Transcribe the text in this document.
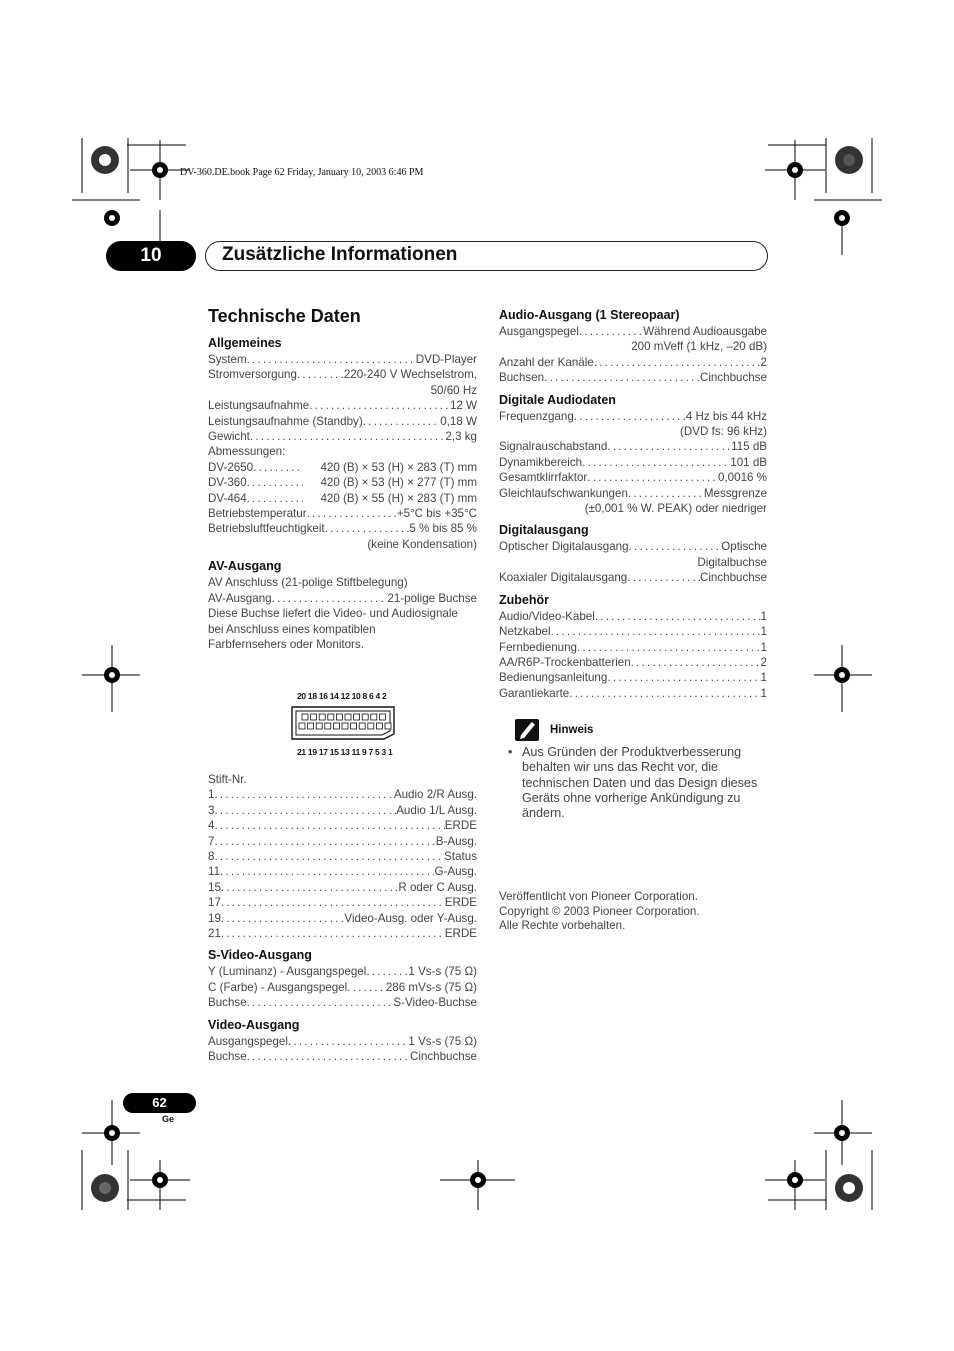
DV-360.DE.book Page 62 Friday, January 10, 2003 6:46 PM
10	Zusätzliche Informationen
Technische Daten
Allgemeines
System . . .	DVD-Player
Stromversorgung . . .	220-240 V Wechselstrom,
50/60 Hz
Leistungsaufnahme . . .	12 W
Leistungsaufnahme (Standby) . . .	0,18 W
Gewicht . . .	2,3 kg
Abmessungen:
DV-2650 . . .	420 (B) × 53 (H) × 283 (T) mm
DV-360 . . .	420 (B) × 53 (H) × 277 (T) mm
DV-464 . . .	420 (B) × 55 (H) × 283 (T) mm
Betriebstemperatur . . .	+5°C bis +35°C
Betriebsluftfeuchtigkeit . . .	5 % bis 85 %
(keine Kondensation)
AV-Ausgang
AV Anschluss (21-polige Stiftbelegung)
AV-Ausgang . . .	21-polige Buchse
Diese Buchse liefert die Video- und Audiosignale
bei Anschluss eines kompatiblen
Farbfernsehers oder Monitors.
20 18 16 14 12 10 8 6 4 2
21 19 17 15 13 11 9 7 5 3 1
Stift-Nr.
1 . . .	Audio 2/R Ausg.
3 . . .	Audio 1/L Ausg.
4 . . .	ERDE
7 . . .	B-Ausg.
8 . . .	Status
11 . . .	G-Ausg.
15 . . .	R oder C Ausg.
17 . . .	ERDE
19 . . .	Video-Ausg. oder Y-Ausg.
21 . . .	ERDE
S-Video-Ausgang
Y (Luminanz) - Ausgangspegel . . .	1 Vs-s (75 Ω)
C (Farbe) - Ausgangspegel . . .	286 mVs-s (75 Ω)
Buchse . . .	S-Video-Buchse
Video-Ausgang
Ausgangspegel . . .	1 Vs-s (75 Ω)
Buchse . . .	Cinchbuchse
Audio-Ausgang (1 Stereopaar)
Ausgangspegel . . .	Während Audioausgabe
200 mVeff (1 kHz, –20 dB)
Anzahl der Kanäle . . .	2
Buchsen . . .	Cinchbuchse
Digitale Audiodaten
Frequenzgang . . .	4 Hz bis 44 kHz
(DVD fs: 96 kHz)
Signalrauschabstand . . .	115 dB
Dynamikbereich . . .	101 dB
Gesamtklirrfaktor . . .	0,0016 %
Gleichlaufschwankungen . . .	Messgrenze
(±0,001 % W. PEAK) oder niedriger
Digitalausgang
Optischer Digitalausgang . . .	Optische
Digitalbuchse
Koaxialer Digitalausgang . . .	Cinchbuchse
Zubehör
Audio/Video-Kabel . . .	1
Netzkabel . . .	1
Fernbedienung . . .	1
AA/R6P-Trockenbatterien . . .	2
Bedienungsanleitung . . .	1
Garantiekarte . . .	1
Hinweis
• Aus Gründen der Produktverbesserung behalten wir uns das Recht vor, die technischen Daten und das Design dieses Geräts ohne vorherige Ankündigung zu ändern.
Veröffentlicht von Pioneer Corporation.
Copyright © 2003 Pioneer Corporation.
Alle Rechte vorbehalten.
62
Ge
